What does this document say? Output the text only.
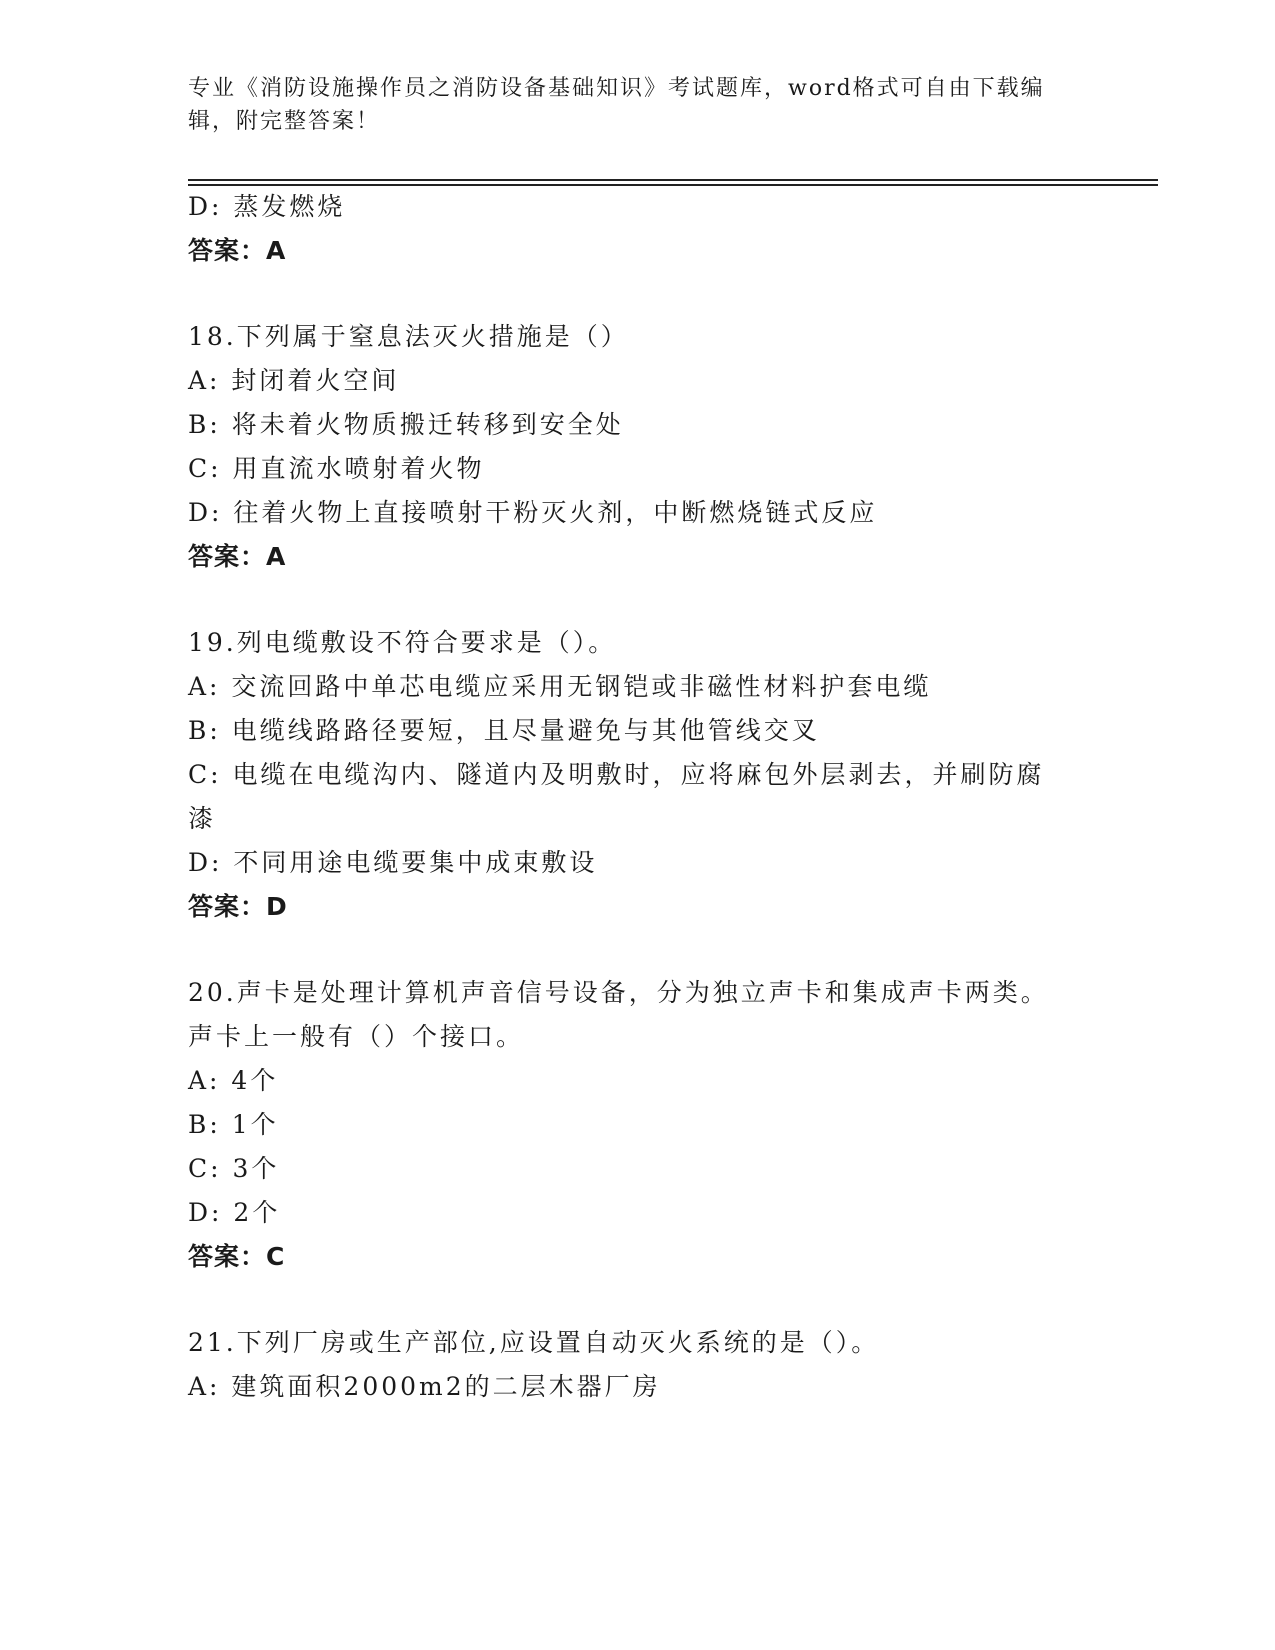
专业《消防设施操作员之消防设备基础知识》考试题库，word格式可自由下载编辑，附完整答案！
D: 蒸发燃烧
答案：A
18.下列属于窒息法灭火措施是（）
A: 封闭着火空间
B: 将未着火物质搬迁转移到安全处
C: 用直流水喷射着火物
D: 往着火物上直接喷射干粉灭火剂，中断燃烧链式反应
答案：A
19.列电缆敷设不符合要求是（）。
A: 交流回路中单芯电缆应采用无钢铠或非磁性材料护套电缆
B: 电缆线路路径要短，且尽量避免与其他管线交叉
C: 电缆在电缆沟内、隧道内及明敷时，应将麻包外层剥去，并刷防腐
漆
D: 不同用途电缆要集中成束敷设
答案：D
20.声卡是处理计算机声音信号设备，分为独立声卡和集成声卡两类。
声卡上一般有（）个接口。
A: 4个
B: 1个
C: 3个
D: 2个
答案：C
21.下列厂房或生产部位,应设置自动灭火系统的是（）。
A: 建筑面积2000m2的二层木器厂房
